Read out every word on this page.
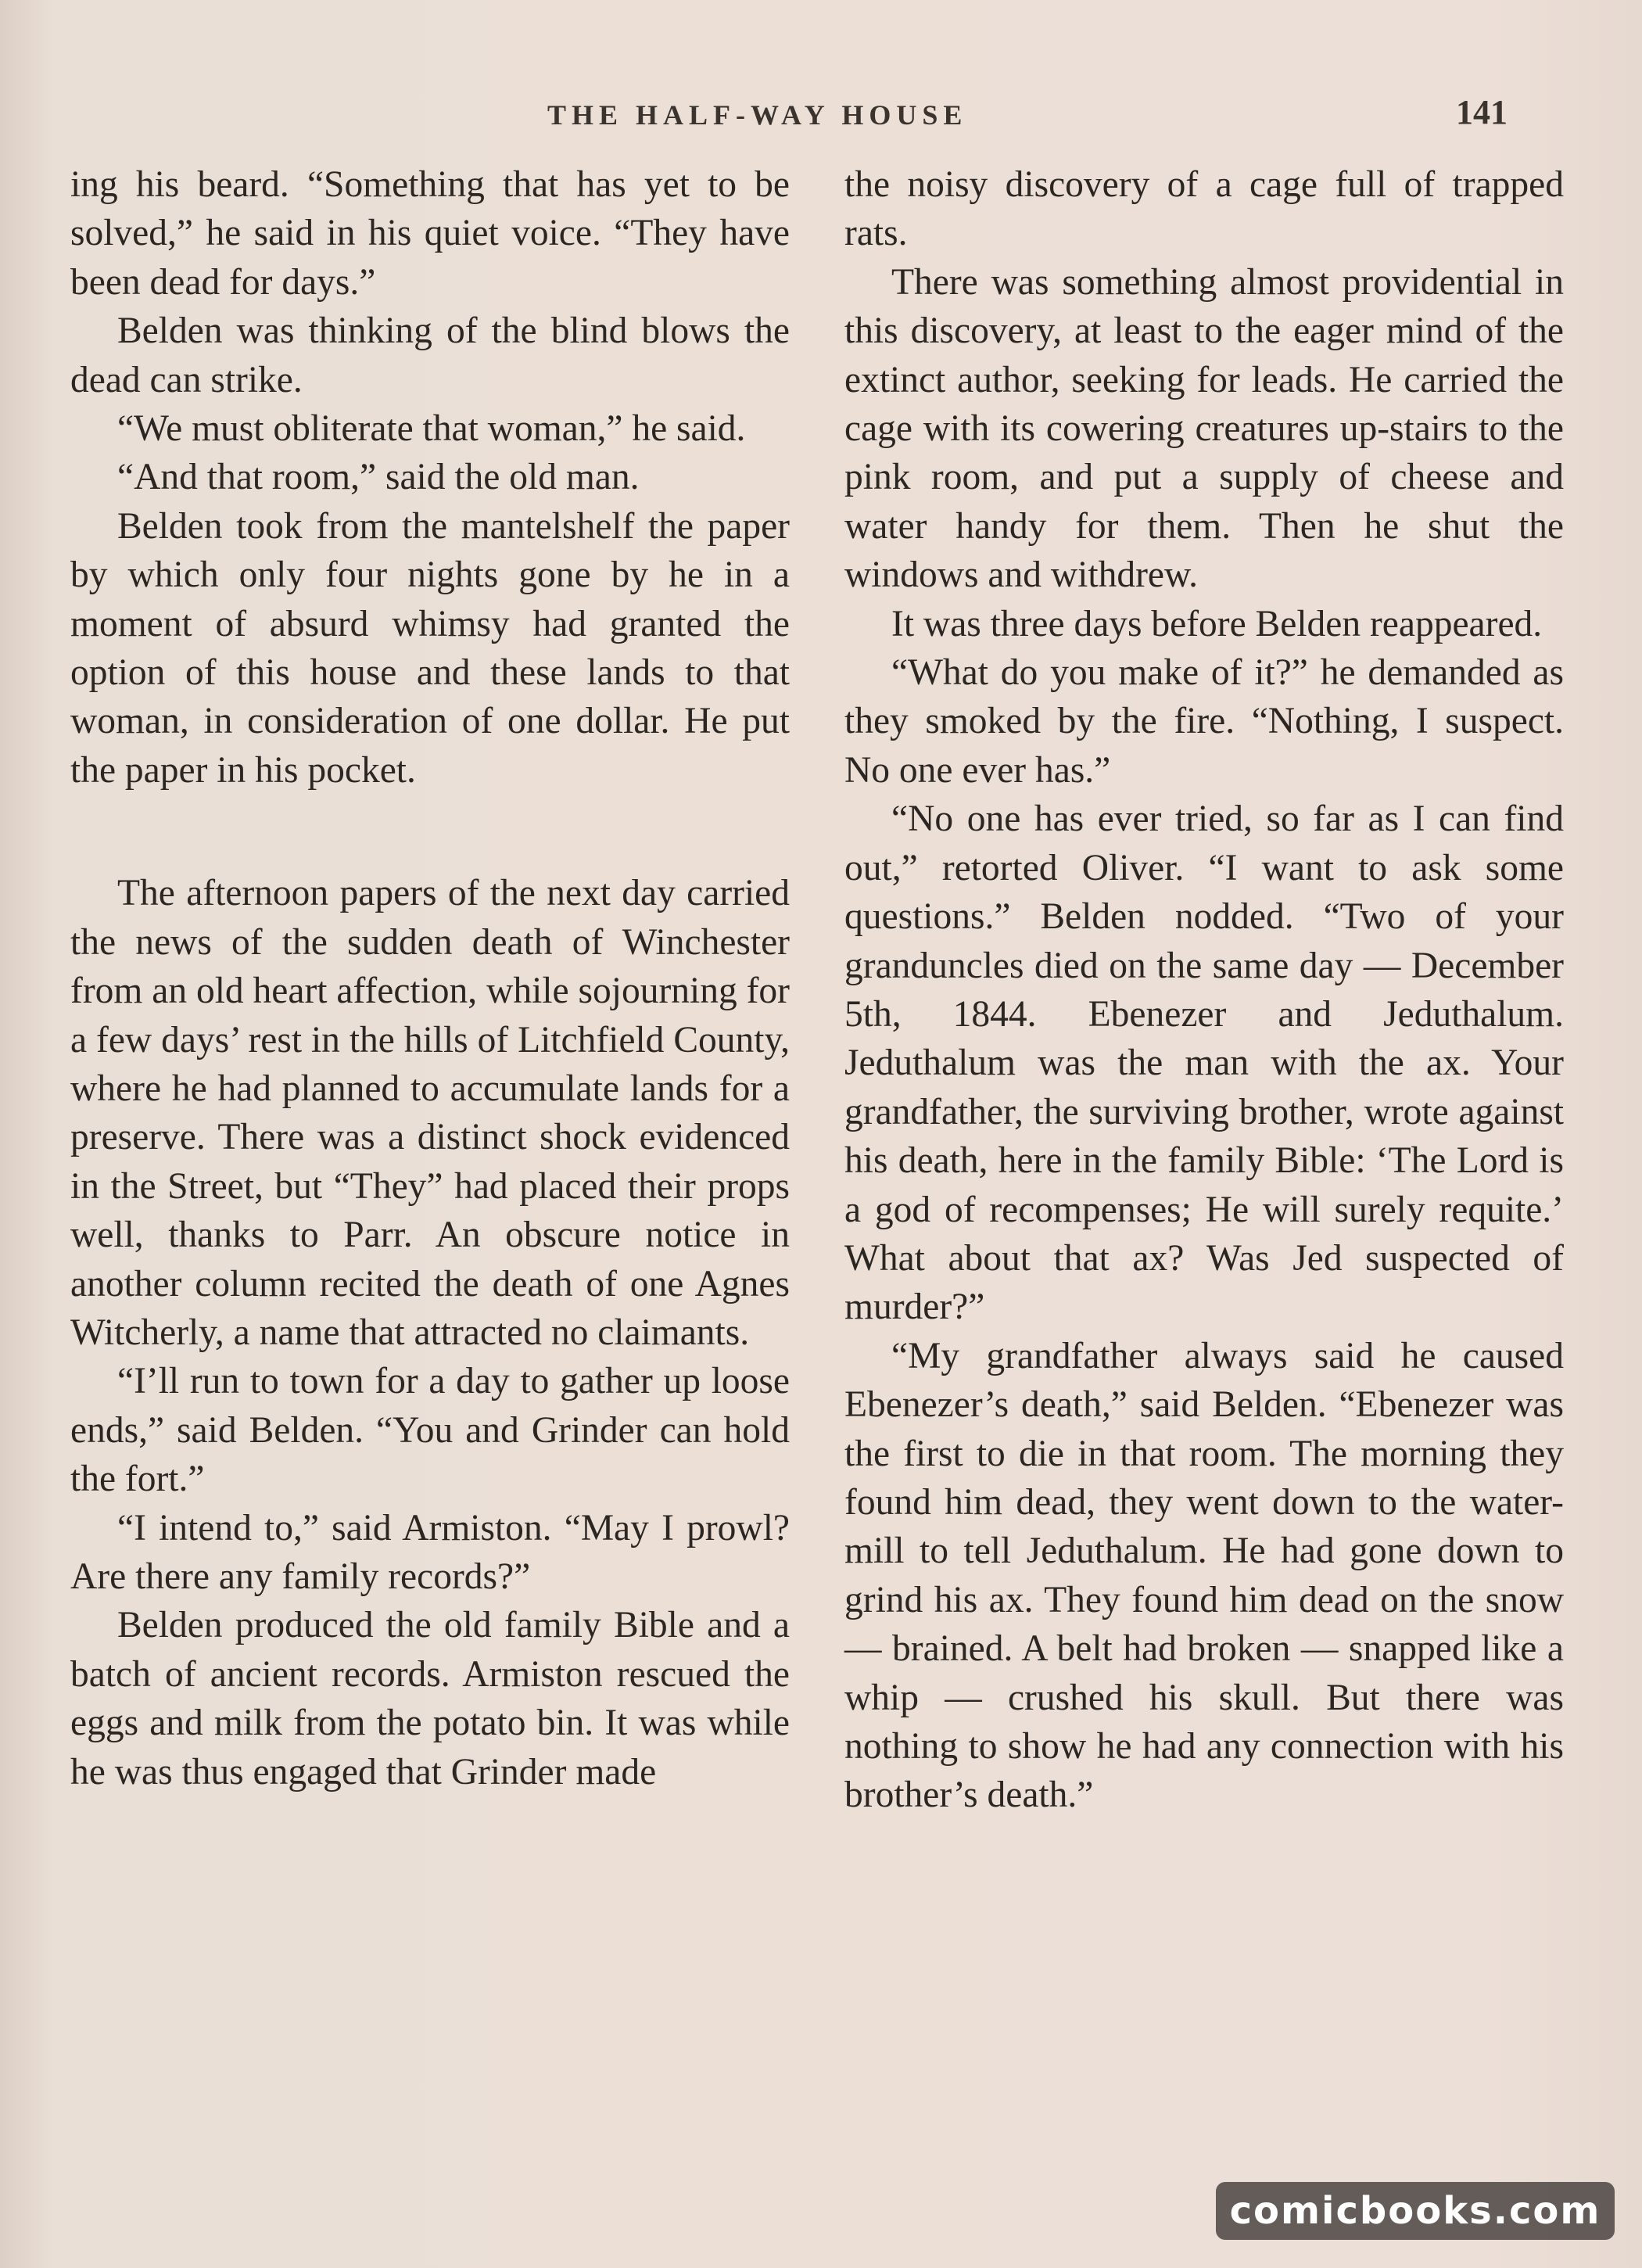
THE HALF-WAY HOUSE	141

ing his beard. “Something that has yet to be solved,” he said in his quiet voice. “They have been dead for days.”

Belden was thinking of the blind blows the dead can strike.

“We must obliterate that woman,” he said.

“And that room,” said the old man.

Belden took from the mantelshelf the paper by which only four nights gone by he in a moment of absurd whimsy had granted the option of this house and these lands to that woman, in consideration of one dollar. He put the paper in his pocket.

The afternoon papers of the next day carried the news of the sudden death of Winchester from an old heart affection, while sojourning for a few days’ rest in the hills of Litchfield County, where he had planned to accumulate lands for a preserve. There was a distinct shock evidenced in the Street, but “They” had placed their props well, thanks to Parr. An obscure notice in another column recited the death of one Agnes Witcherly, a name that attracted no claimants.

“I’ll run to town for a day to gather up loose ends,” said Belden. “You and Grinder can hold the fort.”

“I intend to,” said Armiston. “May I prowl? Are there any family records?”

Belden produced the old family Bible and a batch of ancient records. Armiston rescued the eggs and milk from the potato bin. It was while he was thus engaged that Grinder made

the noisy discovery of a cage full of trapped rats.

There was something almost providential in this discovery, at least to the eager mind of the extinct author, seeking for leads. He carried the cage with its cowering creatures up-stairs to the pink room, and put a supply of cheese and water handy for them. Then he shut the windows and withdrew.

It was three days before Belden reappeared.

“What do you make of it?” he demanded as they smoked by the fire. “Nothing, I suspect. No one ever has.”

“No one has ever tried, so far as I can find out,” retorted Oliver. “I want to ask some questions.” Belden nodded. “Two of your granduncles died on the same day — December 5th, 1844. Ebenezer and Jeduthalum. Jeduthalum was the man with the ax. Your grandfather, the surviving brother, wrote against his death, here in the family Bible: ‘The Lord is a god of recompenses; He will surely requite.’ What about that ax? Was Jed suspected of murder?”

“My grandfather always said he caused Ebenezer’s death,” said Belden. “Ebenezer was the first to die in that room. The morning they found him dead, they went down to the water-mill to tell Jeduthalum. He had gone down to grind his ax. They found him dead on the snow — brained. A belt had broken — snapped like a whip — crushed his skull. But there was nothing to show he had any connection with his brother’s death.”

comicbooks.com
